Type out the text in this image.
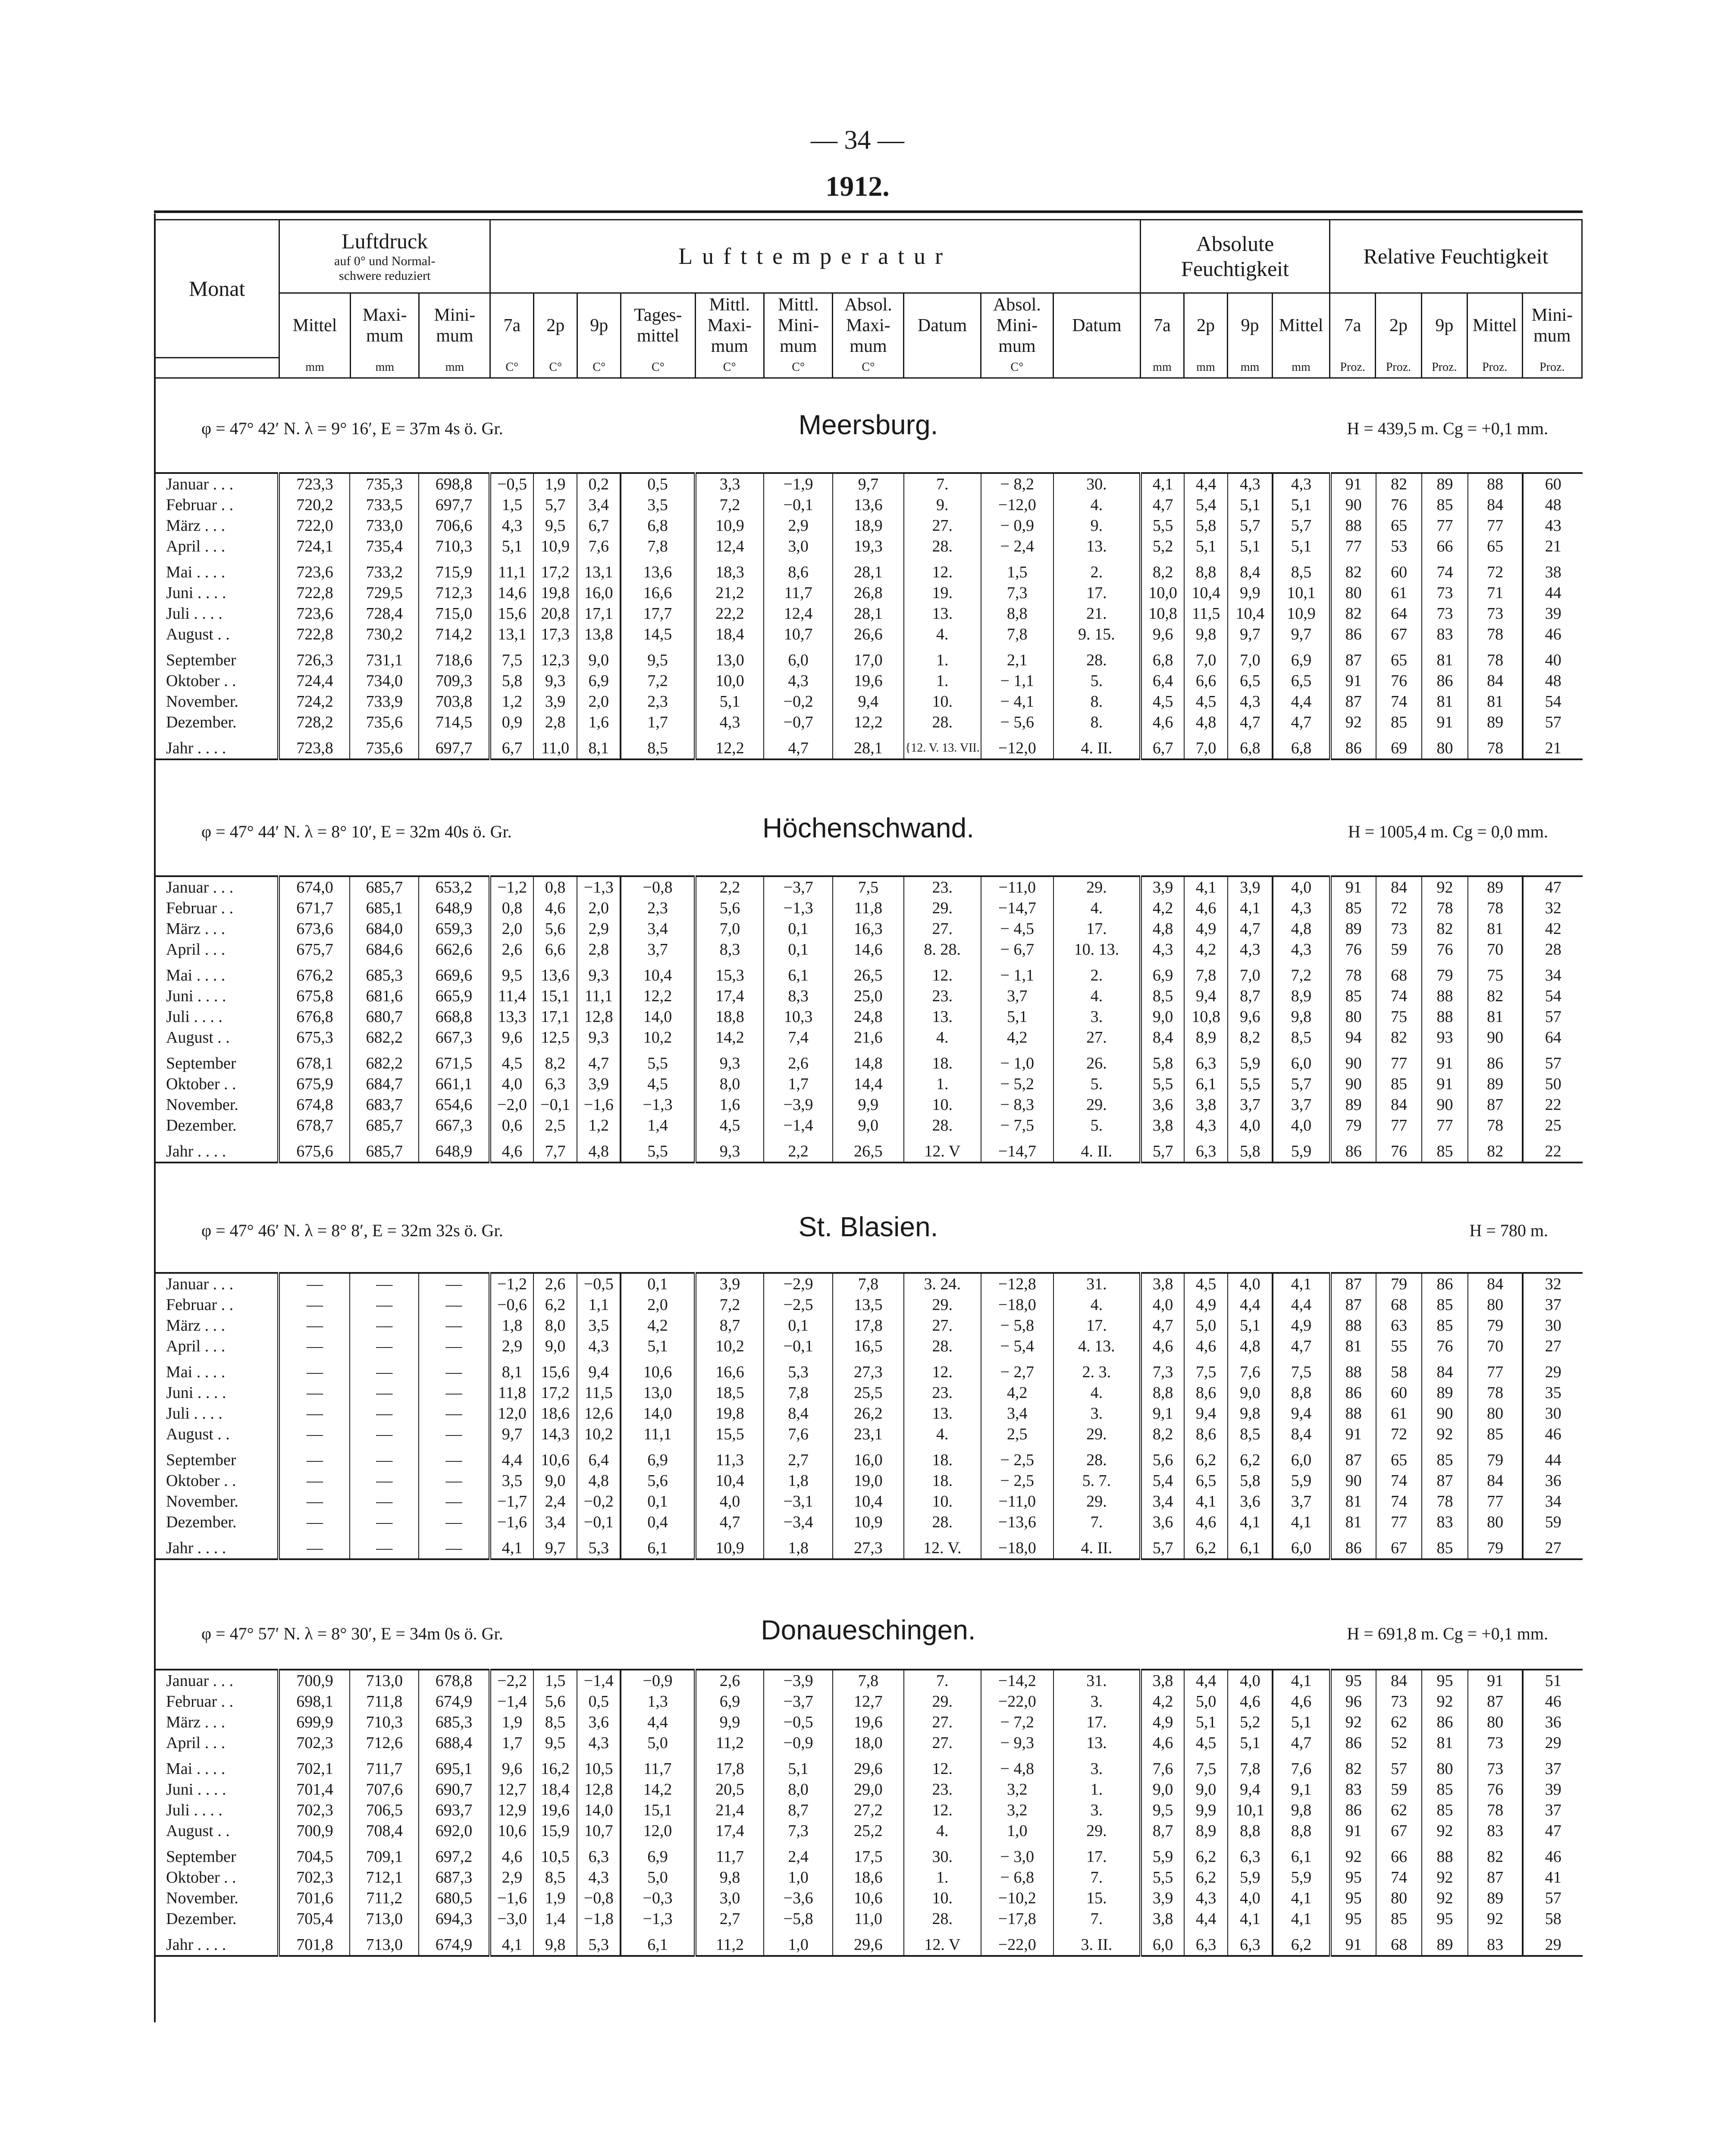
— 34 —
1912.
Monat	Luftdruck
auf 0° und Normal-
schwere reduziert			Lufttemperatur										Absolute Feuchtigkeit				Relative Feuchtigkeit				
	Mittel	Maxi-mum	Mini-mum	7a	2p	9p	Tages-mittel	Mittl. Maxi-mum	Mittl. Mini-mum	Absol. Maxi-mum	Datum	Absol. Mini-mum	Datum	7a	2p	9p	Mittel	7a	2p	9p	Mittel	Mini-mum
	mm	mm	mm	C°	C°	C°	C°	C°	C°	C°		C°		mm	mm	mm	mm	Proz.	Proz.	Proz.	Proz.	Proz.
φ = 47° 42′ N. λ = 9° 16′, E = 37m 4s ö. Gr.	Meersburg.	H = 439,5 m. Cg = +0,1 mm.
Januar . . .	723,3	735,3	698,8	−0,5	1,9	0,2	0,5	3,3	−1,9	9,7	7.	− 8,2	30.	4,1	4,4	4,3	4,3	91	82	89	88	60
Februar . .	720,2	733,5	697,7	1,5	5,7	3,4	3,5	7,2	−0,1	13,6	9.	−12,0	4.	4,7	5,4	5,1	5,1	90	76	85	84	48
März . . .	722,0	733,0	706,6	4,3	9,5	6,7	6,8	10,9	2,9	18,9	27.	− 0,9	9.	5,5	5,8	5,7	5,7	88	65	77	77	43
April . . .	724,1	735,4	710,3	5,1	10,9	7,6	7,8	12,4	3,0	19,3	28.	− 2,4	13.	5,2	5,1	5,1	5,1	77	53	66	65	21

Mai . . . .	723,6	733,2	715,9	11,1	17,2	13,1	13,6	18,3	8,6	28,1	12.	1,5	2.	8,2	8,8	8,4	8,5	82	60	74	72	38
Juni . . . .	722,8	729,5	712,3	14,6	19,8	16,0	16,6	21,2	11,7	26,8	19.	7,3	17.	10,0	10,4	9,9	10,1	80	61	73	71	44
Juli . . . .	723,6	728,4	715,0	15,6	20,8	17,1	17,7	22,2	12,4	28,1	13.	8,8	21.	10,8	11,5	10,4	10,9	82	64	73	73	39
August . .	722,8	730,2	714,2	13,1	17,3	13,8	14,5	18,4	10,7	26,6	4.	7,8	9. 15.	9,6	9,8	9,7	9,7	86	67	83	78	46

September	726,3	731,1	718,6	7,5	12,3	9,0	9,5	13,0	6,0	17,0	1.	2,1	28.	6,8	7,0	7,0	6,9	87	65	81	78	40
Oktober . .	724,4	734,0	709,3	5,8	9,3	6,9	7,2	10,0	4,3	19,6	1.	− 1,1	5.	6,4	6,6	6,5	6,5	91	76	86	84	48
November.	724,2	733,9	703,8	1,2	3,9	2,0	2,3	5,1	−0,2	9,4	10.	− 4,1	8.	4,5	4,5	4,3	4,4	87	74	81	81	54
Dezember.	728,2	735,6	714,5	0,9	2,8	1,6	1,7	4,3	−0,7	12,2	28.	− 5,6	8.	4,6	4,8	4,7	4,7	92	85	91	89	57

Jahr . . . .	723,8	735,6	697,7	6,7	11,0	8,1	8,5	12,2	4,7	28,1	{12. V. 13. VII.	−12,0	4. II.	6,7	7,0	6,8	6,8	86	69	80	78	21
φ = 47° 44′ N. λ = 8° 10′, E = 32m 40s ö. Gr.	Höchenschwand.	H = 1005,4 m. Cg = 0,0 mm.
Januar . . .	674,0	685,7	653,2	−1,2	0,8	−1,3	−0,8	2,2	−3,7	7,5	23.	−11,0	29.	3,9	4,1	3,9	4,0	91	84	92	89	47
Februar . .	671,7	685,1	648,9	0,8	4,6	2,0	2,3	5,6	−1,3	11,8	29.	−14,7	4.	4,2	4,6	4,1	4,3	85	72	78	78	32
März . . .	673,6	684,0	659,3	2,0	5,6	2,9	3,4	7,0	0,1	16,3	27.	− 4,5	17.	4,8	4,9	4,7	4,8	89	73	82	81	42
April . . .	675,7	684,6	662,6	2,6	6,6	2,8	3,7	8,3	0,1	14,6	8. 28.	− 6,7	10. 13.	4,3	4,2	4,3	4,3	76	59	76	70	28

Mai . . . .	676,2	685,3	669,6	9,5	13,6	9,3	10,4	15,3	6,1	26,5	12.	− 1,1	2.	6,9	7,8	7,0	7,2	78	68	79	75	34
Juni . . . .	675,8	681,6	665,9	11,4	15,1	11,1	12,2	17,4	8,3	25,0	23.	3,7	4.	8,5	9,4	8,7	8,9	85	74	88	82	54
Juli . . . .	676,8	680,7	668,8	13,3	17,1	12,8	14,0	18,8	10,3	24,8	13.	5,1	3.	9,0	10,8	9,6	9,8	80	75	88	81	57
August . .	675,3	682,2	667,3	9,6	12,5	9,3	10,2	14,2	7,4	21,6	4.	4,2	27.	8,4	8,9	8,2	8,5	94	82	93	90	64

September	678,1	682,2	671,5	4,5	8,2	4,7	5,5	9,3	2,6	14,8	18.	− 1,0	26.	5,8	6,3	5,9	6,0	90	77	91	86	57
Oktober . .	675,9	684,7	661,1	4,0	6,3	3,9	4,5	8,0	1,7	14,4	1.	− 5,2	5.	5,5	6,1	5,5	5,7	90	85	91	89	50
November.	674,8	683,7	654,6	−2,0	−0,1	−1,6	−1,3	1,6	−3,9	9,9	10.	− 8,3	29.	3,6	3,8	3,7	3,7	89	84	90	87	22
Dezember.	678,7	685,7	667,3	0,6	2,5	1,2	1,4	4,5	−1,4	9,0	28.	− 7,5	5.	3,8	4,3	4,0	4,0	79	77	77	78	25

Jahr . . . .	675,6	685,7	648,9	4,6	7,7	4,8	5,5	9,3	2,2	26,5	12. V	−14,7	4. II.	5,7	6,3	5,8	5,9	86	76	85	82	22
φ = 47° 46′ N. λ = 8° 8′, E = 32m 32s ö. Gr.	St. Blasien.	H = 780 m.
Januar . . .	—	—	—	−1,2	2,6	−0,5	0,1	3,9	−2,9	7,8	3. 24.	−12,8	31.	3,8	4,5	4,0	4,1	87	79	86	84	32
Februar . .	—	—	—	−0,6	6,2	1,1	2,0	7,2	−2,5	13,5	29.	−18,0	4.	4,0	4,9	4,4	4,4	87	68	85	80	37
März . . .	—	—	—	1,8	8,0	3,5	4,2	8,7	0,1	17,8	27.	− 5,8	17.	4,7	5,0	5,1	4,9	88	63	85	79	30
April . . .	—	—	—	2,9	9,0	4,3	5,1	10,2	−0,1	16,5	28.	− 5,4	4. 13.	4,6	4,6	4,8	4,7	81	55	76	70	27

Mai . . . .	—	—	—	8,1	15,6	9,4	10,6	16,6	5,3	27,3	12.	− 2,7	2. 3.	7,3	7,5	7,6	7,5	88	58	84	77	29
Juni . . . .	—	—	—	11,8	17,2	11,5	13,0	18,5	7,8	25,5	23.	4,2	4.	8,8	8,6	9,0	8,8	86	60	89	78	35
Juli . . . .	—	—	—	12,0	18,6	12,6	14,0	19,8	8,4	26,2	13.	3,4	3.	9,1	9,4	9,8	9,4	88	61	90	80	30
August . .	—	—	—	9,7	14,3	10,2	11,1	15,5	7,6	23,1	4.	2,5	29.	8,2	8,6	8,5	8,4	91	72	92	85	46

September	—	—	—	4,4	10,6	6,4	6,9	11,3	2,7	16,0	18.	− 2,5	28.	5,6	6,2	6,2	6,0	87	65	85	79	44
Oktober . .	—	—	—	3,5	9,0	4,8	5,6	10,4	1,8	19,0	18.	− 2,5	5. 7.	5,4	6,5	5,8	5,9	90	74	87	84	36
November.	—	—	—	−1,7	2,4	−0,2	0,1	4,0	−3,1	10,4	10.	−11,0	29.	3,4	4,1	3,6	3,7	81	74	78	77	34
Dezember.	—	—	—	−1,6	3,4	−0,1	0,4	4,7	−3,4	10,9	28.	−13,6	7.	3,6	4,6	4,1	4,1	81	77	83	80	59

Jahr . . . .	—	—	—	4,1	9,7	5,3	6,1	10,9	1,8	27,3	12. V.	−18,0	4. II.	5,7	6,2	6,1	6,0	86	67	85	79	27
φ = 47° 57′ N. λ = 8° 30′, E = 34m 0s ö. Gr.	Donaueschingen.	H = 691,8 m. Cg = +0,1 mm.
Januar . . .	700,9	713,0	678,8	−2,2	1,5	−1,4	−0,9	2,6	−3,9	7,8	7.	−14,2	31.	3,8	4,4	4,0	4,1	95	84	95	91	51
Februar . .	698,1	711,8	674,9	−1,4	5,6	0,5	1,3	6,9	−3,7	12,7	29.	−22,0	3.	4,2	5,0	4,6	4,6	96	73	92	87	46
März . . .	699,9	710,3	685,3	1,9	8,5	3,6	4,4	9,9	−0,5	19,6	27.	− 7,2	17.	4,9	5,1	5,2	5,1	92	62	86	80	36
April . . .	702,3	712,6	688,4	1,7	9,5	4,3	5,0	11,2	−0,9	18,0	27.	− 9,3	13.	4,6	4,5	5,1	4,7	86	52	81	73	29

Mai . . . .	702,1	711,7	695,1	9,6	16,2	10,5	11,7	17,8	5,1	29,6	12.	− 4,8	3.	7,6	7,5	7,8	7,6	82	57	80	73	37
Juni . . . .	701,4	707,6	690,7	12,7	18,4	12,8	14,2	20,5	8,0	29,0	23.	3,2	1.	9,0	9,0	9,4	9,1	83	59	85	76	39
Juli . . . .	702,3	706,5	693,7	12,9	19,6	14,0	15,1	21,4	8,7	27,2	12.	3,2	3.	9,5	9,9	10,1	9,8	86	62	85	78	37
August . .	700,9	708,4	692,0	10,6	15,9	10,7	12,0	17,4	7,3	25,2	4.	1,0	29.	8,7	8,9	8,8	8,8	91	67	92	83	47

September	704,5	709,1	697,2	4,6	10,5	6,3	6,9	11,7	2,4	17,5	30.	− 3,0	17.	5,9	6,2	6,3	6,1	92	66	88	82	46
Oktober . .	702,3	712,1	687,3	2,9	8,5	4,3	5,0	9,8	1,0	18,6	1.	− 6,8	7.	5,5	6,2	5,9	5,9	95	74	92	87	41
November.	701,6	711,2	680,5	−1,6	1,9	−0,8	−0,3	3,0	−3,6	10,6	10.	−10,2	15.	3,9	4,3	4,0	4,1	95	80	92	89	57
Dezember.	705,4	713,0	694,3	−3,0	1,4	−1,8	−1,3	2,7	−5,8	11,0	28.	−17,8	7.	3,8	4,4	4,1	4,1	95	85	95	92	58

Jahr . . . .	701,8	713,0	674,9	4,1	9,8	5,3	6,1	11,2	1,0	29,6	12. V	−22,0	3. II.	6,0	6,3	6,3	6,2	91	68	89	83	29
